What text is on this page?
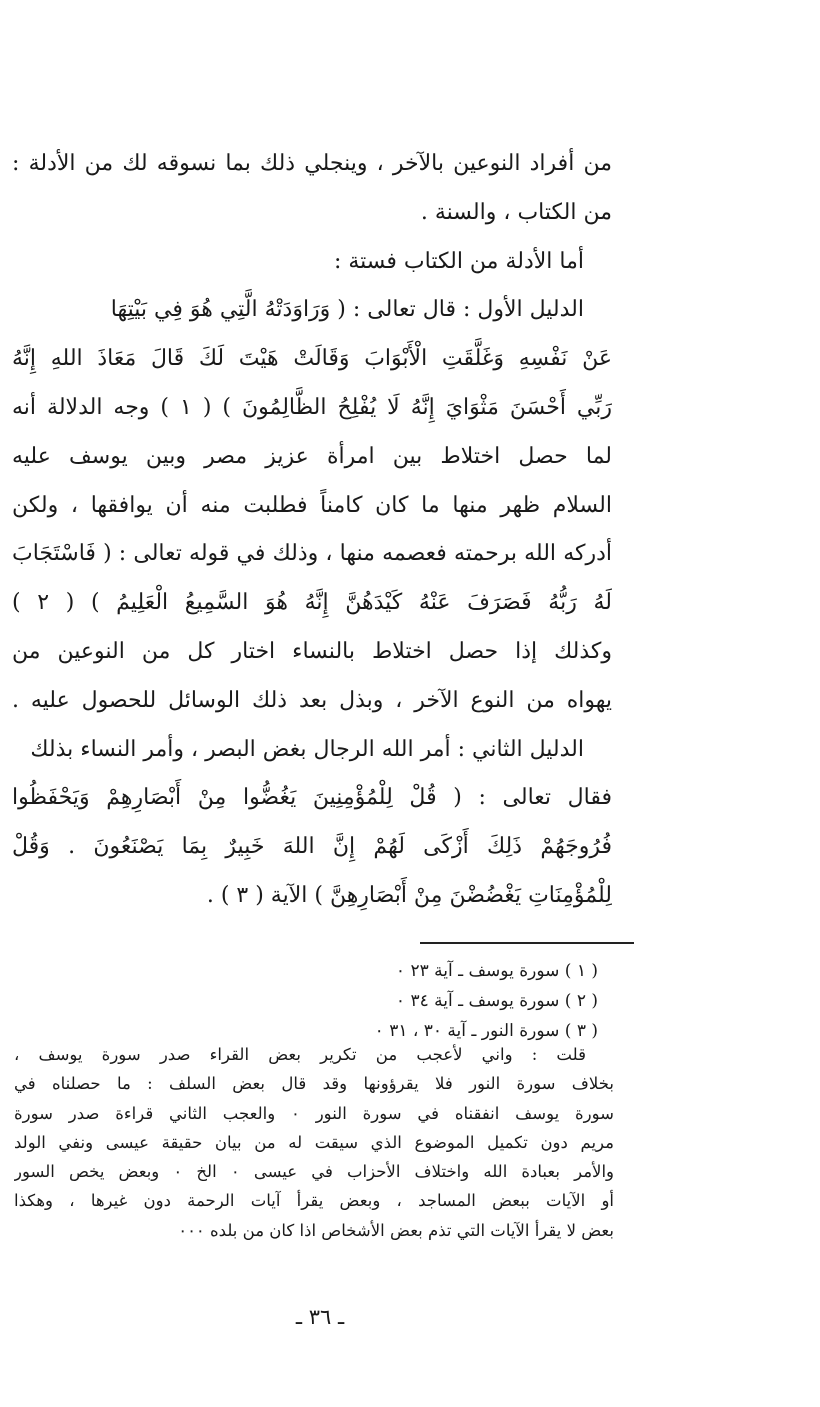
من أفراد النوعين بالآخر ، وينجلي ذلك بما نسوقه لك من الأدلة :
من الكتاب ، والسنة .
أما الأدلة من الكتاب فستة :
الدليل الأول : قال تعالى : ( وَرَاوَدَتْهُ الَّتِي هُوَ فِي بَيْتِهَا
عَنْ نَفْسِهِ وَغَلَّقَتِ الْأَبْوَابَ وَقَالَتْ هَيْتَ لَكَ قَالَ مَعَاذَ اللهِ إِنَّهُ
رَبِّي أَحْسَنَ مَثْوَايَ إِنَّهُ لَا يُفْلِحُ الظَّالِمُونَ ) ( ١ ) وجه الدلالة أنه
لما حصل اختلاط بين امرأة عزيز مصر وبين يوسف عليه
السلام ظهر منها ما كان كامناً فطلبت منه أن يوافقها ، ولكن
أدركه الله برحمته فعصمه منها ، وذلك في قوله تعالى : ( فَاسْتَجَابَ
لَهُ رَبُّهُ فَصَرَفَ عَنْهُ كَيْدَهُنَّ إِنَّهُ هُوَ السَّمِيعُ الْعَلِيمُ ) ( ٢ )
وكذلك إذا حصل اختلاط بالنساء اختار كل من النوعين من
يهواه من النوع الآخر ، وبذل بعد ذلك الوسائل للحصول عليه .
الدليل الثاني : أمر الله الرجال بغض البصر ، وأمر النساء بذلك
فقال تعالى : ( قُلْ لِلْمُؤْمِنِينَ يَغُضُّوا مِنْ أَبْصَارِهِمْ وَيَحْفَظُوا
فُرُوجَهُمْ ذَلِكَ أَزْكَى لَهُمْ إِنَّ اللهَ خَبِيرٌ بِمَا يَصْنَعُونَ . وَقُلْ
لِلْمُؤْمِنَاتِ يَغْضُضْنَ مِنْ أَبْصَارِهِنَّ ) الآية ( ٣ ) .
( ١ ) سورة يوسف ـ آية ٢٣ ٠
( ٢ ) سورة يوسف ـ آية ٣٤ ٠
( ٣ ) سورة النور ـ آية ٣٠ ، ٣١ ٠
قلت : واني لأعجب من تكرير بعض القراء صدر سورة يوسف ،
بخلاف سورة النور فلا يقرؤونها وقد قال بعض السلف : ما حصلناه في
سورة يوسف انفقناه في سورة النور ٠ والعجب الثاني قراءة صدر سورة
مريم دون تكميل الموضوع الذي سيقت له من بيان حقيقة عيسى ونفي الولد
والأمر بعبادة الله واختلاف الأحزاب في عيسى ٠ الخ ٠ وبعض يخص السور
أو الآيات ببعض المساجد ، وبعض يقرأ آيات الرحمة دون غيرها ، وهكذا
بعض لا يقرأ الآيات التي تذم بعض الأشخاص اذا كان من بلده ٠٠٠
ـ ٣٦ ـ
